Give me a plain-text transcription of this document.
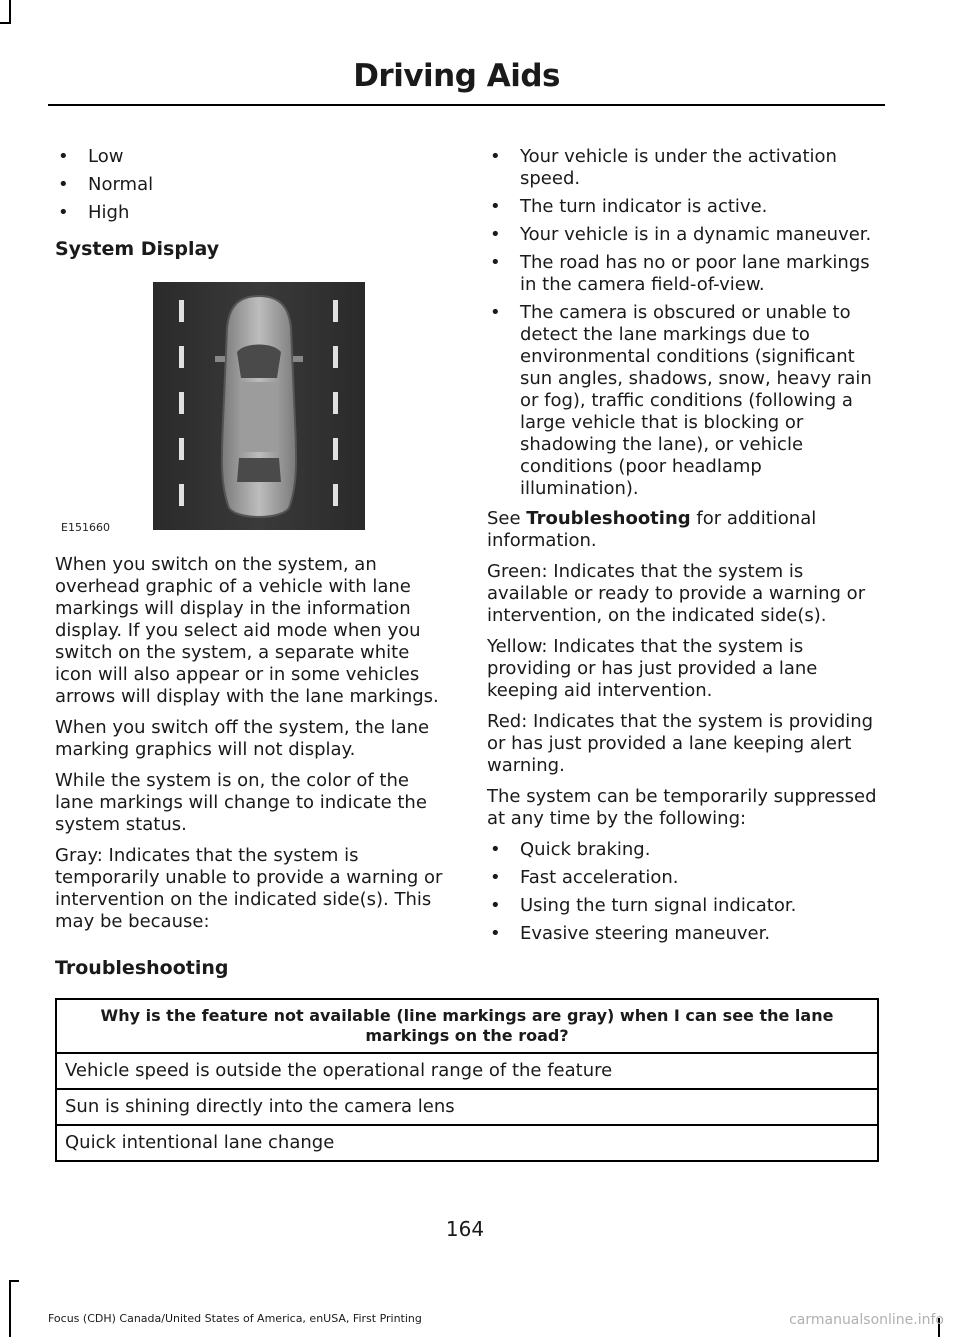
Driving Aids
• Low
• Normal
• High
System Display
E151660

When you switch on the system, an overhead graphic of a vehicle with lane markings will display in the information display. If you select aid mode when you switch on the system, a separate white icon will also appear or in some vehicles arrows will display with the lane markings.

When you switch off the system, the lane marking graphics will not display.

While the system is on, the color of the lane markings will change to indicate the system status.

Gray: Indicates that the system is temporarily unable to provide a warning or intervention on the indicated side(s). This may be because:

• Your vehicle is under the activation speed.
• The turn indicator is active.
• Your vehicle is in a dynamic maneuver.
• The road has no or poor lane markings in the camera field-of-view.
• The camera is obscured or unable to detect the lane markings due to environmental conditions (significant sun angles, shadows, snow, heavy rain or fog), traffic conditions (following a large vehicle that is blocking or shadowing the lane), or vehicle conditions (poor headlamp illumination).

See Troubleshooting for additional information.

Green: Indicates that the system is available or ready to provide a warning or intervention, on the indicated side(s).

Yellow: Indicates that the system is providing or has just provided a lane keeping aid intervention.

Red: Indicates that the system is providing or has just provided a lane keeping alert warning.

The system can be temporarily suppressed at any time by the following:

• Quick braking.
• Fast acceleration.
• Using the turn signal indicator.
• Evasive steering maneuver.
Troubleshooting
Why is the feature not available (line markings are gray) when I can see the lane markings on the road?
Vehicle speed is outside the operational range of the feature
Sun is shining directly into the camera lens
Quick intentional lane change
164
Focus (CDH) Canada/United States of America, enUSA, First Printing	carmanualsonline.info
